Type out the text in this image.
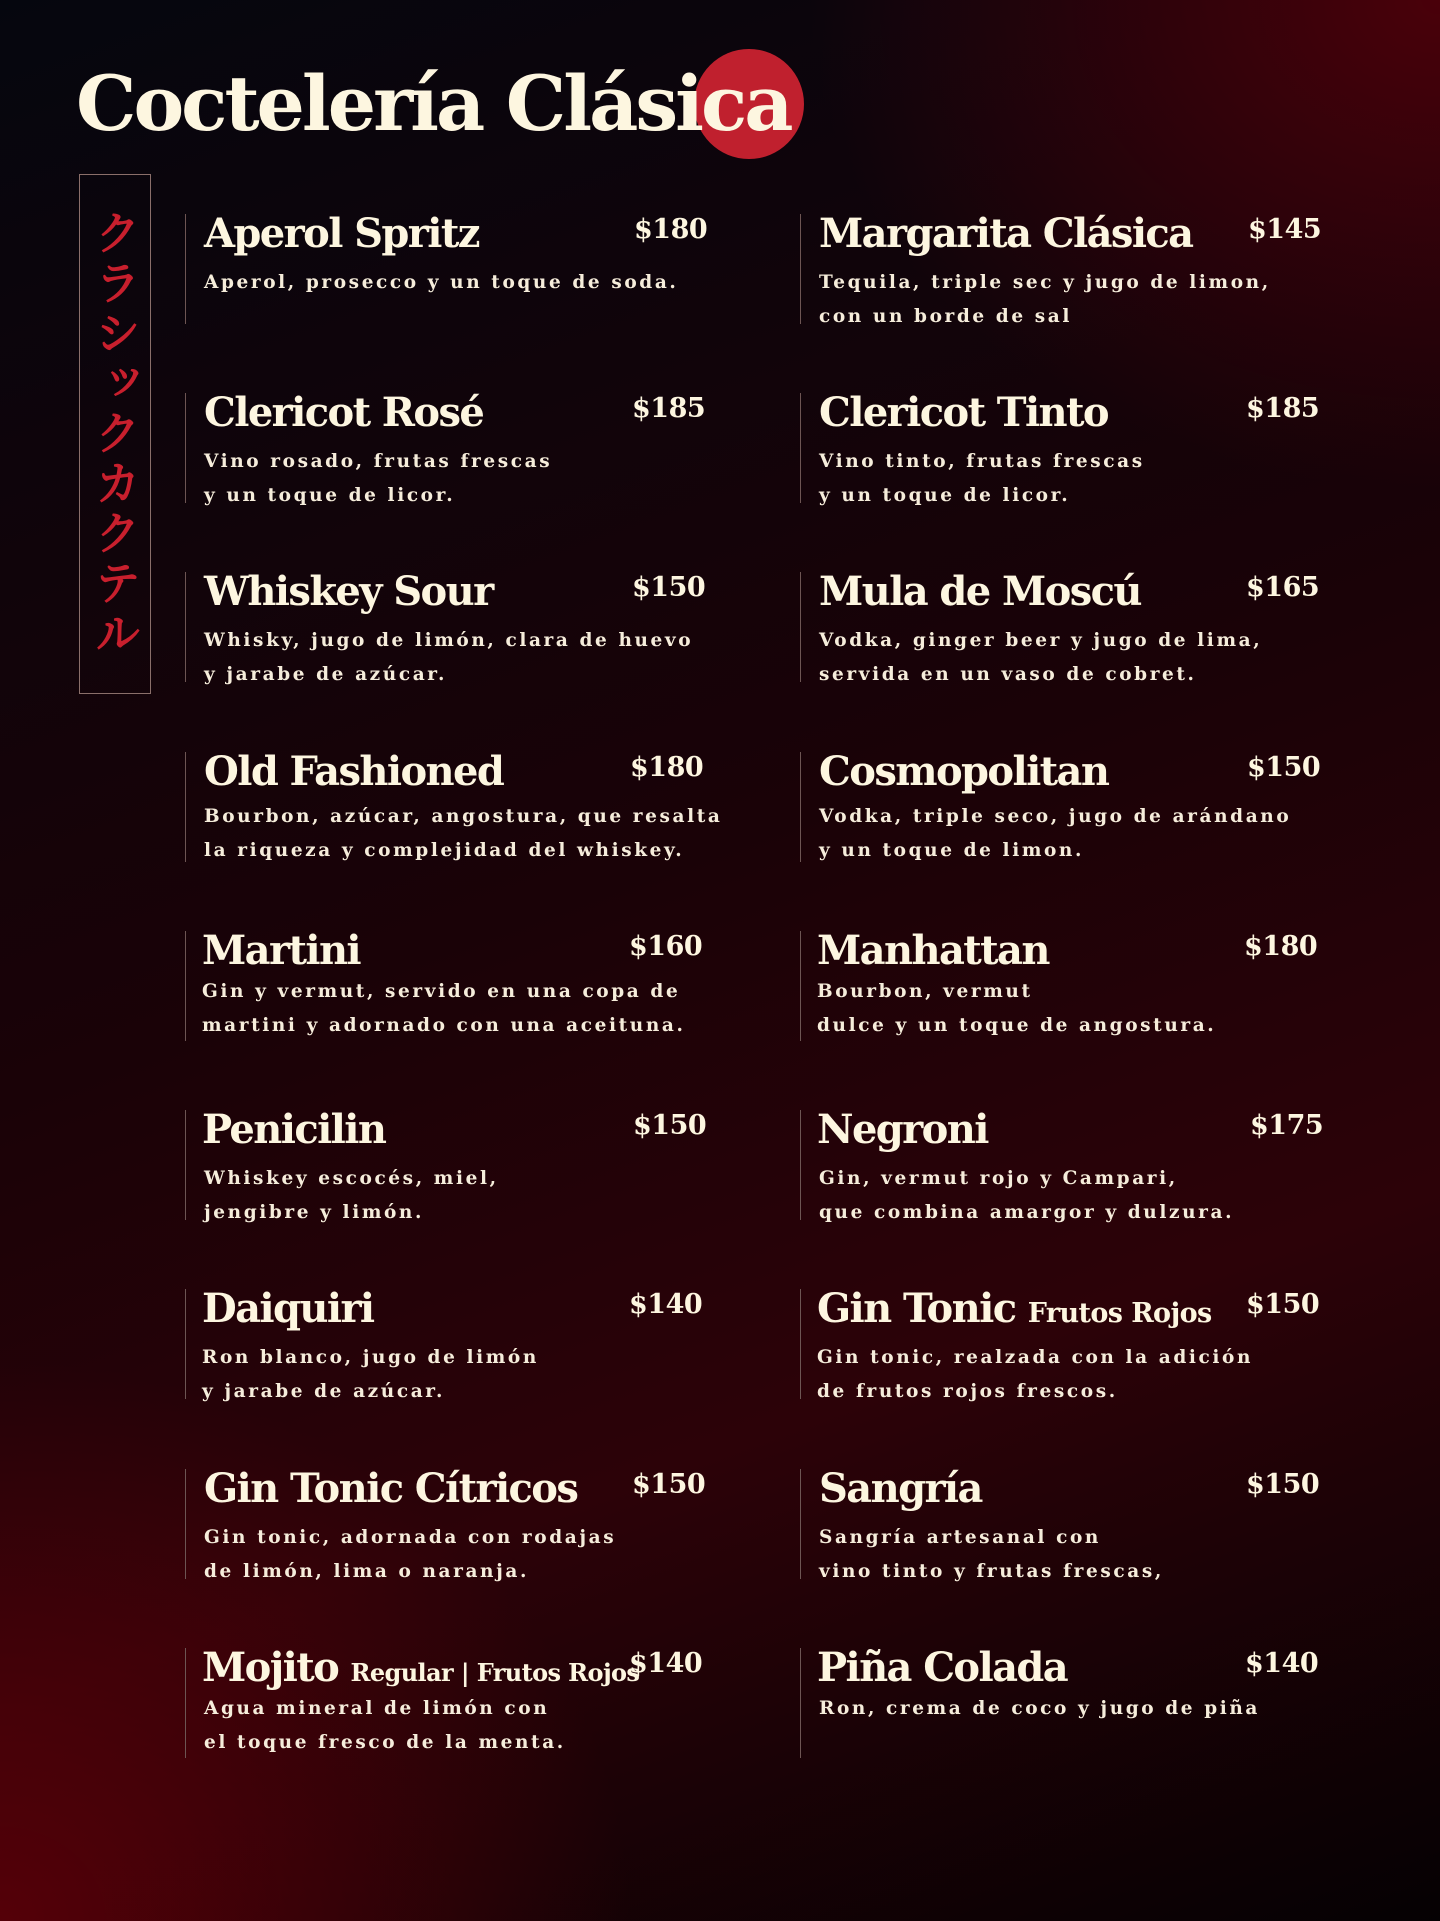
Coctelería Clásica
クラシックカクテル Aperol Spritz	$180
Aperol, prosecco y un toque de soda.
Clericot Rosé	$185
Vino rosado, frutas frescas
y un toque de licor.
Whiskey Sour	$150
Whisky, jugo de limón, clara de huevo
y jarabe de azúcar.
Old Fashioned	$180
Bourbon, azúcar, angostura, que resalta
la riqueza y complejidad del whiskey.
Martini	$160
Gin y vermut, servido en una copa de
martini y adornado con una aceituna.
Penicilin	$150
Whiskey escocés, miel,
jengibre y limón.
Daiquiri	$140
Ron blanco, jugo de limón
y jarabe de azúcar.
Gin Tonic Cítricos $150
Gin tonic, adornada con rodajas
de limón, lima o naranja.
Mojito Regular | Frutos Rojos
$140
Agua mineral de limón con
el toque fresco de la menta.
Margarita Clásica $145
Tequila, triple sec y jugo de limon,
con un borde de sal
Clericot Tinto	$185
Vino tinto, frutas frescas
y un toque de licor.
Mula de Moscú	$165
Vodka, ginger beer y jugo de lima,
servida en un vaso de cobret.
Cosmopolitan	$150
Vodka, triple seco, jugo de arándano
y un toque de limon.
Manhattan	$180
Bourbon, vermut
dulce y un toque de angostura.
Negroni	$175
Gin, vermut rojo y Campari,
que combina amargor y dulzura.
Gin Tonic Frutos Rojos $150
Gin tonic, realzada con la adición
de frutos rojos frescos.
Sangría	$150
Sangría artesanal con
vino tinto y frutas frescas,
Piña Colada	$140
Ron, crema de coco y jugo de piña
